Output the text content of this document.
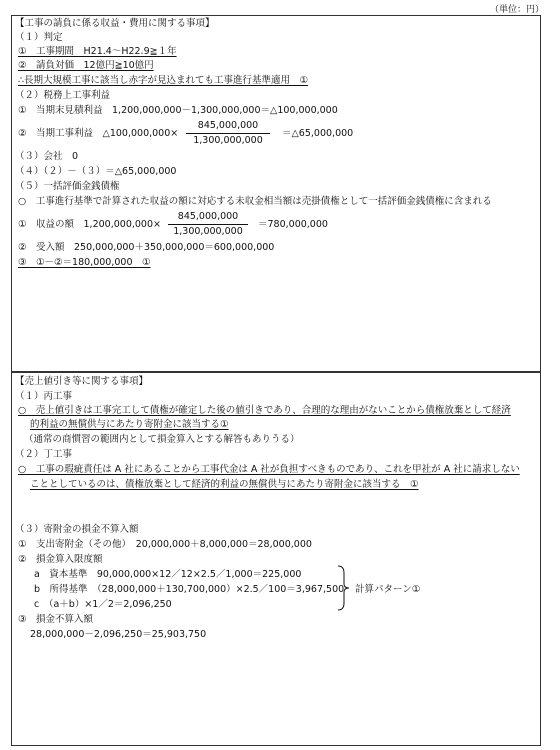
（単位：円）
【工事の請負に係る収益・費用に関する事項】
（１）判定
①　工事期間　H21.4～H22.9≧１年
②　請負対価　12億円≧10億円
∴長期大規模工事に該当し赤字が見込まれても工事進行基準適用　①
（２）税務上工事利益
①　当期末見積利益　1,200,000,000－1,300,000,000＝△100,000,000
②　当期工事利益　△100,000,000×
845,000,000
1,300,000,000
＝△65,000,000
（３）会社　0
（４）（２）－（３）＝△65,000,000
（５）一括評価金銭債権
○　工事進行基準で計算された収益の額に対応する未収金相当額は売掛債権として一括評価金銭債権に含まれる
①　収益の額　1,200,000,000×
845,000,000
1,300,000,000
＝780,000,000
②　受入額　250,000,000＋350,000,000＝600,000,000
③　①－②＝180,000,000　①
【売上値引き等に関する事項】
（１）丙工事
○　売上値引きは工事完工して債権が確定した後の値引きであり、合理的な理由がないことから債権放棄として経済
的利益の無償供与にあたり寄附金に該当する①
（通常の商慣習の範囲内として損金算入とする解答もありうる）
（２）丁工事
○　工事の瑕疵責任は A 社にあることから工事代金は A 社が負担すべきものであり、これを甲社が A 社に請求しない
こととしているのは、債権放棄として経済的利益の無償供与にあたり寄附金に該当する　①
（３）寄附金の損金不算入額
①　支出寄附金（その他）　20,000,000＋8,000,000＝28,000,000
②　損金算入限度額
a　資本基準　90,000,000×12／12×2.5／1,000＝225,000
b　所得基準　（28,000,000＋130,700,000）×2.5／100＝3,967,500
c　（a＋b）×1／2＝2,096,250
計算パターン①
③　損金不算入額
28,000,000－2,096,250＝25,903,750
